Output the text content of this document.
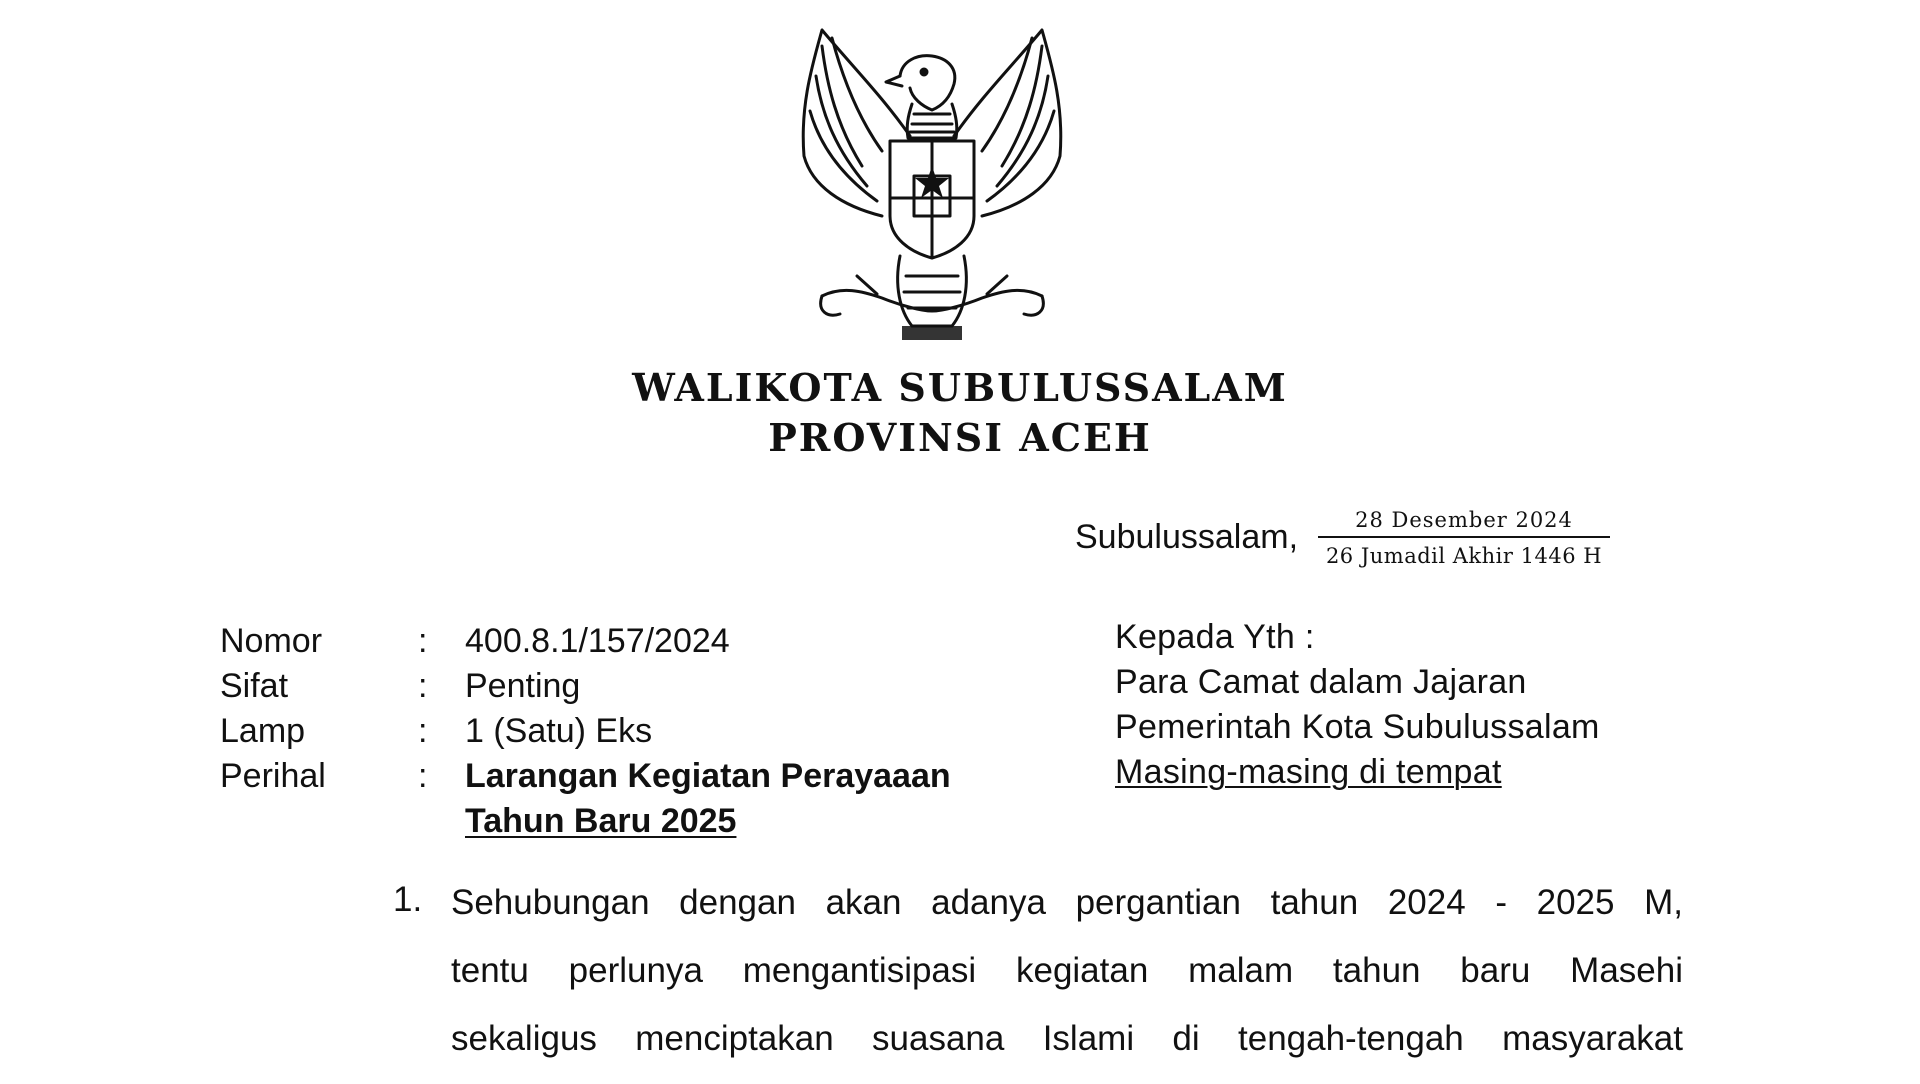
WALIKOTA SUBULUSSALAM
PROVINSI ACEH
Subulussalam,	28 Desember 2024
26 Jumadil Akhir 1446 H
Nomor	: 400.8.1/157/2024
Sifat	: Penting
Lamp	: 1 (Satu) Eks
Perihal	: Larangan Kegiatan Perayaaan
Tahun Baru 2025
Kepada Yth :
Para Camat dalam Jajaran
Pemerintah Kota Subulussalam
Masing-masing di tempat
1. Sehubungan dengan akan adanya pergantian tahun 2024 - 2025 M,
tentu perlunya mengantisipasi kegiatan malam tahun baru Masehi
sekaligus menciptakan suasana Islami di tengah-tengah masyarakat
